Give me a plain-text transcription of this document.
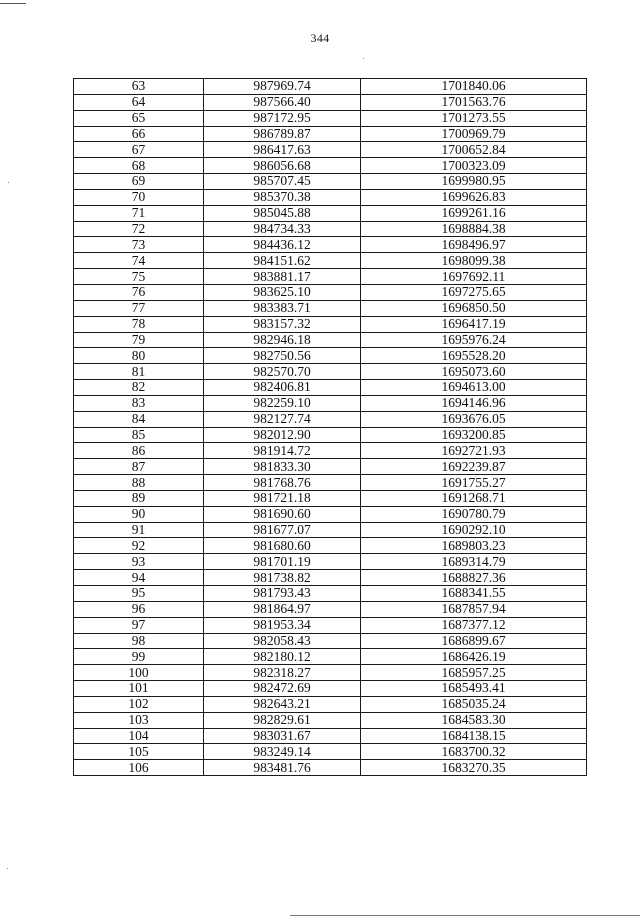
344
63	987969.74	1701840.06
64	987566.40	1701563.76
65	987172.95	1701273.55
66	986789.87	1700969.79
67	986417.63	1700652.84
68	986056.68	1700323.09
69	985707.45	1699980.95
70	985370.38	1699626.83
71	985045.88	1699261.16
72	984734.33	1698884.38
73	984436.12	1698496.97
74	984151.62	1698099.38
75	983881.17	1697692.11
76	983625.10	1697275.65
77	983383.71	1696850.50
78	983157.32	1696417.19
79	982946.18	1695976.24
80	982750.56	1695528.20
81	982570.70	1695073.60
82	982406.81	1694613.00
83	982259.10	1694146.96
84	982127.74	1693676.05
85	982012.90	1693200.85
86	981914.72	1692721.93
87	981833.30	1692239.87
88	981768.76	1691755.27
89	981721.18	1691268.71
90	981690.60	1690780.79
91	981677.07	1690292.10
92	981680.60	1689803.23
93	981701.19	1689314.79
94	981738.82	1688827.36
95	981793.43	1688341.55
96	981864.97	1687857.94
97	981953.34	1687377.12
98	982058.43	1686899.67
99	982180.12	1686426.19
100	982318.27	1685957.25
101	982472.69	1685493.41
102	982643.21	1685035.24
103	982829.61	1684583.30
104	983031.67	1684138.15
105	983249.14	1683700.32
106	983481.76	1683270.35
